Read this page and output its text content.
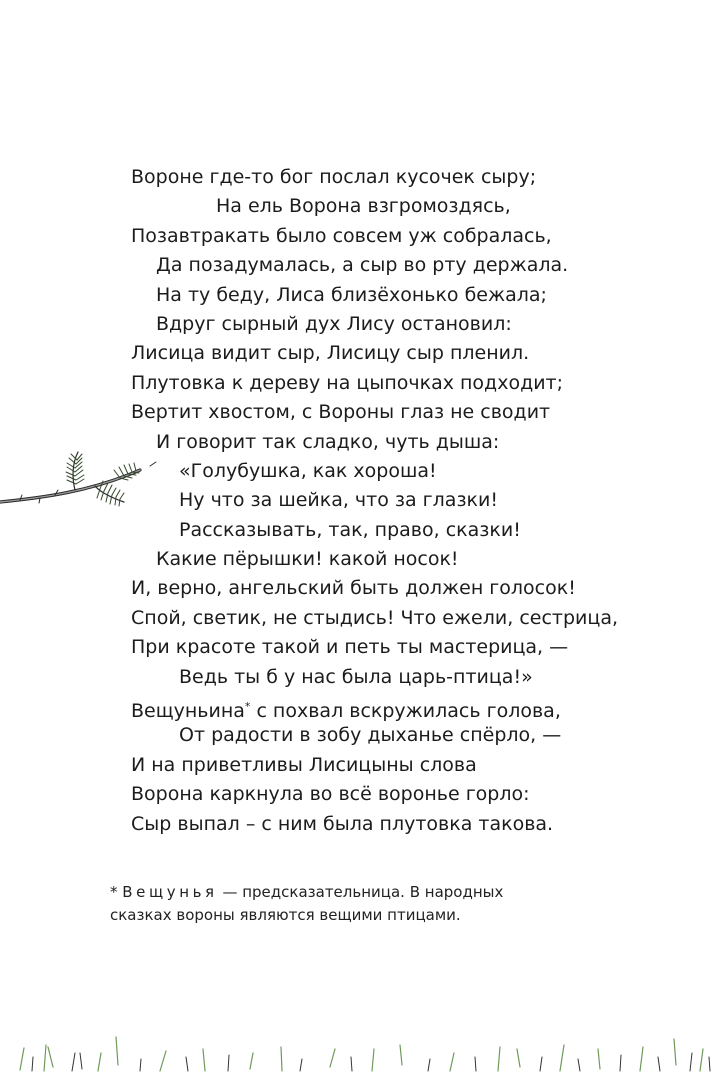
Вороне где-то бог послал кусочек сыру;
На ель Ворона взгромоздясь,
Позавтракать было совсем уж собралась,
Да позадумалась, а сыр во рту держала.
На ту беду, Лиса близёхонько бежала;
Вдруг сырный дух Лису остановил:
Лисица видит сыр, Лисицу сыр пленил.
Плутовка к дереву на цыпочках подходит;
Вертит хвостом, с Вороны глаз не сводит
И говорит так сладко, чуть дыша:
«Голубушка, как хороша!
Ну что за шейка, что за глазки!
Рассказывать, так, право, сказки!
Какие пёрышки! какой носок!
И, верно, ангельский быть должен голосок!
Спой, светик, не стыдись! Что ежели, сестрица,
При красоте такой и петь ты мастерица, —
Ведь ты б у нас была царь-птица!»
Вещуньина* с похвал вскружилась голова,
От радости в зобу дыханье спёрло, —
И на приветливы Лисицыны слова
Ворона каркнула во всё воронье горло:
Сыр выпал – с ним была плутовка такова.
* Вещунья — предсказательница. В народных
сказках вороны являются вещими птицами.
